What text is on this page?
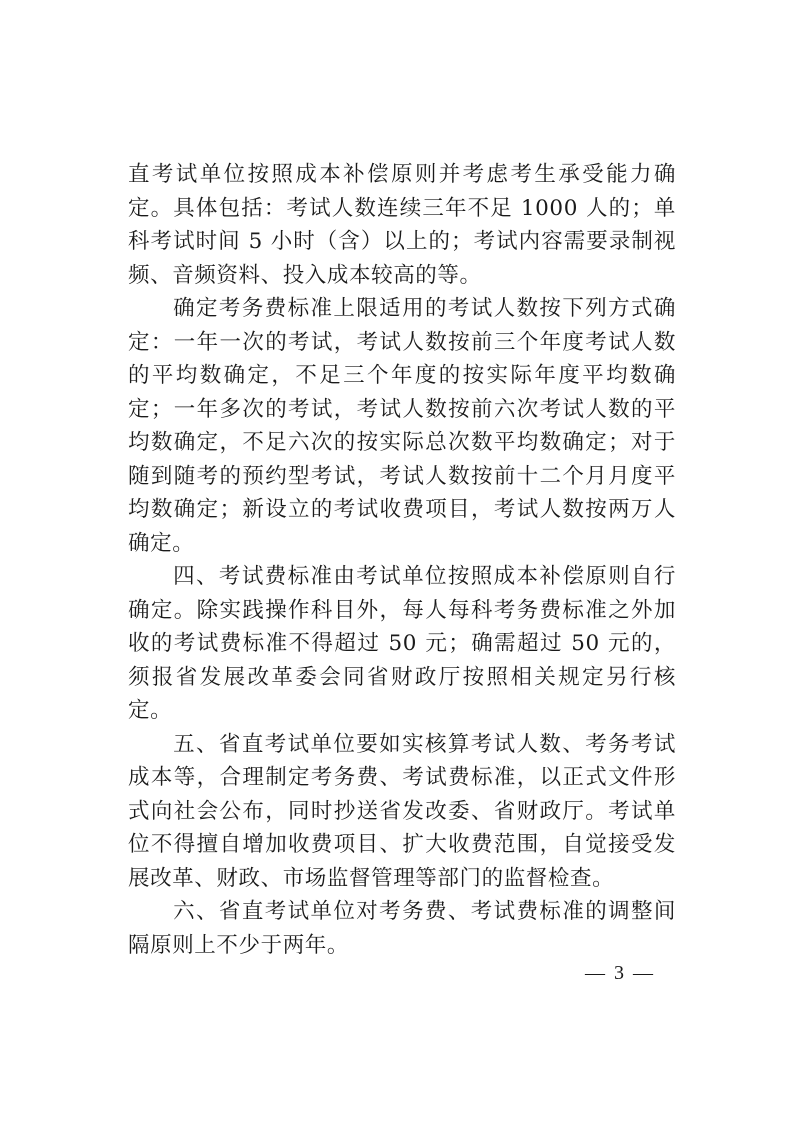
直考试单位按照成本补偿原则并考虑考生承受能力确定。具体包括：考试人数连续三年不足 1000 人的；单科考试时间 5 小时（含）以上的；考试内容需要录制视频、音频资料、投入成本较高的等。

确定考务费标准上限适用的考试人数按下列方式确定：一年一次的考试，考试人数按前三个年度考试人数的平均数确定，不足三个年度的按实际年度平均数确定；一年多次的考试，考试人数按前六次考试人数的平均数确定，不足六次的按实际总次数平均数确定；对于随到随考的预约型考试，考试人数按前十二个月月度平均数确定；新设立的考试收费项目，考试人数按两万人确定。

四、考试费标准由考试单位按照成本补偿原则自行确定。除实践操作科目外，每人每科考务费标准之外加收的考试费标准不得超过 50 元；确需超过 50 元的，须报省发展改革委会同省财政厅按照相关规定另行核定。

五、省直考试单位要如实核算考试人数、考务考试成本等，合理制定考务费、考试费标准，以正式文件形式向社会公布，同时抄送省发改委、省财政厅。考试单位不得擅自增加收费项目、扩大收费范围，自觉接受发展改革、财政、市场监督管理等部门的监督检查。

六、省直考试单位对考务费、考试费标准的调整间隔原则上不少于两年。

— 3 —
